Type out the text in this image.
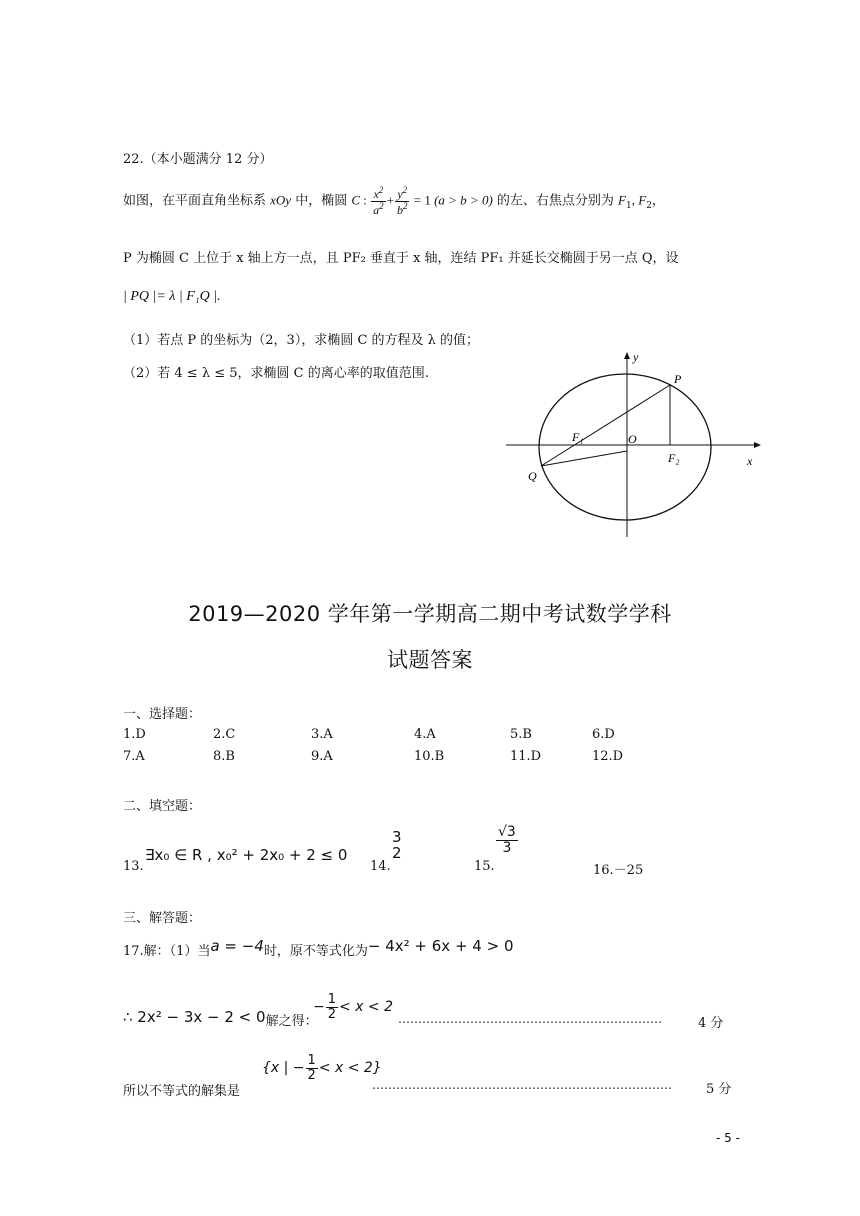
22.（本小题满分 12 分）
如图，在平面直角坐标系 xOy 中，椭圆 C : $\frac{x^2}{a^2} + \frac{y^2}{b^2} = 1$ (a > b > 0) 的左、右焦点分别为 $F_1$, $F_2$，
P 为椭圆 C 上位于 x 轴上方一点，且 PF₂ 垂直于 x 轴，连结 PF₁ 并延长交椭圆于另一点 Q，设
| PQ |= λ | F₁Q |.
（1）若点 P 的坐标为（2，3），求椭圆 C 的方程及 λ 的值；
（2）若 4 ≤ λ ≤ 5，求椭圆 C 的离心率的取值范围.
y
x
P
F₁	O
F₂
Q
2019—2020 学年第一学期高二期中考试数学学科
试题答案
一、选择题：
1.D	2.C	3.A	4.A	5.B	6.D
7.A	8.B	9.A	10.B	11.D	12.D
二、填空题：
13.
∃x₀ ∈ R , x₀² + 2x₀ + 2 ≤ 0
14.
3
2
15.
$\frac{√3}{3}$
16.－25
三、解答题：
17.解：（1）当a = −4时，原不等式化为− 4x² + 6x + 4 > 0
∴ 2x² − 3x − 2 < 0解之得：
− $\frac{1}{2} < x < 2$
…………………………………………………………	4 分
{x | − $\frac{1}{2} < x < 2$}
所以不等式的解集是	…………………………………………………………………	5 分
- 5 -
